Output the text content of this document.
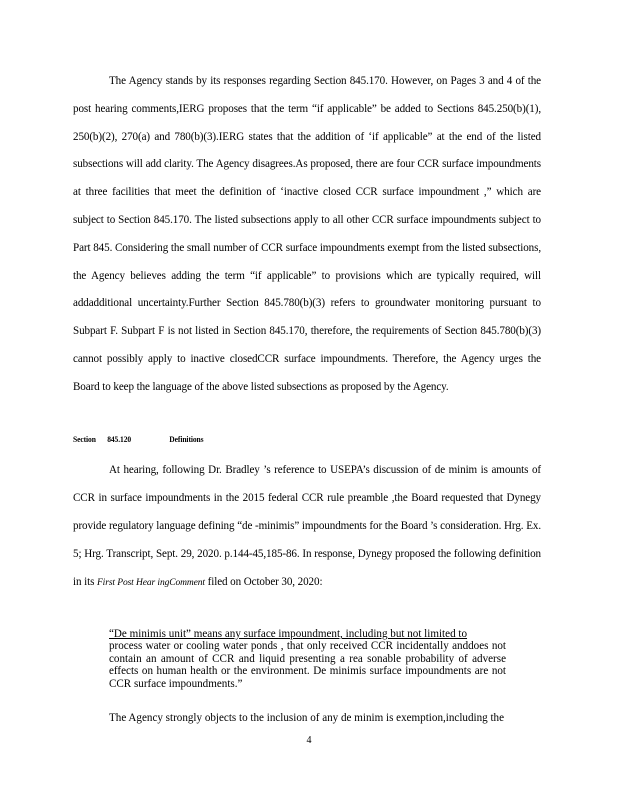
The Agency stands by its responses regarding Section 845.170. However, on Pages 3 and 4 of the post hearing comments,IERG proposes that the term “if applicable” be added to Sections 845.250(b)(1), 250(b)(2), 270(a) and 780(b)(3).IERG states that the addition of ‘if applicable” at the end of the listed subsections will add clarity. The Agency disagrees.As proposed, there are four CCR surface impoundments at three facilities that meet the definition of ‘inactive closed CCR surface impoundment ,” which are subject to Section 845.170. The listed subsections apply to all other CCR surface impoundments subject to Part 845. Considering the small number of CCR surface impoundments exempt from the listed subsections, the Agency believes adding the term “if applicable” to provisions which are typically required, will addadditional uncertainty.Further Section 845.780(b)(3) refers to groundwater monitoring pursuant to Subpart F. Subpart F is not listed in Section 845.170, therefore, the requirements of Section 845.780(b)(3) cannot possibly apply to inactive closedCCR surface impoundments. Therefore, the Agency urges the Board to keep the language of the above listed subsections as proposed by the Agency.

Section 845.120	Definitions

At hearing, following Dr. Bradley ’s reference to USEPA’s discussion of de minim is amounts of CCR in surface impoundments in the 2015 federal CCR rule preamble ,the Board requested that Dynegy provide regulatory language defining “de -minimis” impoundments for the Board ’s consideration. Hrg. Ex. 5; Hrg. Transcript, Sept. 29, 2020. p.144-45,185-86. In response, Dynegy proposed the following definition in its First Post Hear ingComment filed on October 30, 2020:

“De minimis unit” means any surface impoundment, including but not limited to
process water or cooling water ponds , that only received CCR incidentally anddoes not contain an amount of CCR and liquid presenting a rea sonable probability of adverse effects on human health or the environment. De minimis surface impoundments are not CCR surface impoundments.”

The Agency strongly objects to the inclusion of any de minim is exemption,including the

4
